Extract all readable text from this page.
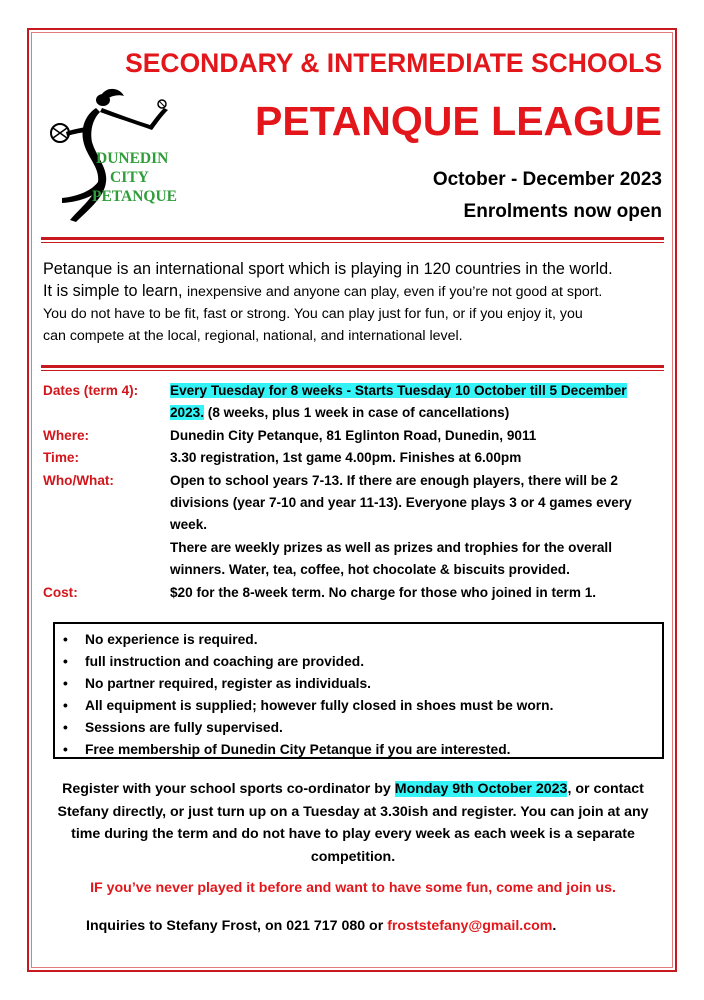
DUNEDIN
CITY
PETANQUE
SECONDARY & INTERMEDIATE SCHOOLS
PETANQUE LEAGUE
October - December 2023
Enrolments now open
Petanque is an international sport which is playing in 120 countries in the world.
It is simple to learn, inexpensive and anyone can play, even if you’re not good at sport.
You do not have to be fit, fast or strong. You can play just for fun, or if you enjoy it, you
can compete at the local, regional, national, and international level.
Dates (term 4): Every Tuesday for 8 weeks - Starts Tuesday 10 October till 5 December 2023. (8 weeks, plus 1 week in case of cancellations)
Where:	Dunedin City Petanque, 81 Eglinton Road, Dunedin, 9011
Time:	3.30 registration, 1st game 4.00pm. Finishes at 6.00pm
Who/What:	Open to school years 7-13. If there are enough players, there will be 2 divisions (year 7-10 and year 11-13). Everyone plays 3 or 4 games every week.
There are weekly prizes as well as prizes and trophies for the overall winners. Water, tea, coffee, hot chocolate & biscuits provided.
Cost:	$20 for the 8-week term. No charge for those who joined in term 1.
• No experience is required.
• full instruction and coaching are provided.
• No partner required, register as individuals.
• All equipment is supplied; however fully closed in shoes must be worn.
• Sessions are fully supervised.
• Free membership of Dunedin City Petanque if you are interested.
Register with your school sports co-ordinator by Monday 9th October 2023, or contact Stefany directly, or just turn up on a Tuesday at 3.30ish and register. You can join at any time during the term and do not have to play every week as each week is a separate competition.
IF you’ve never played it before and want to have some fun, come and join us.
Inquiries to Stefany Frost, on 021 717 080 or froststefany@gmail.com.
